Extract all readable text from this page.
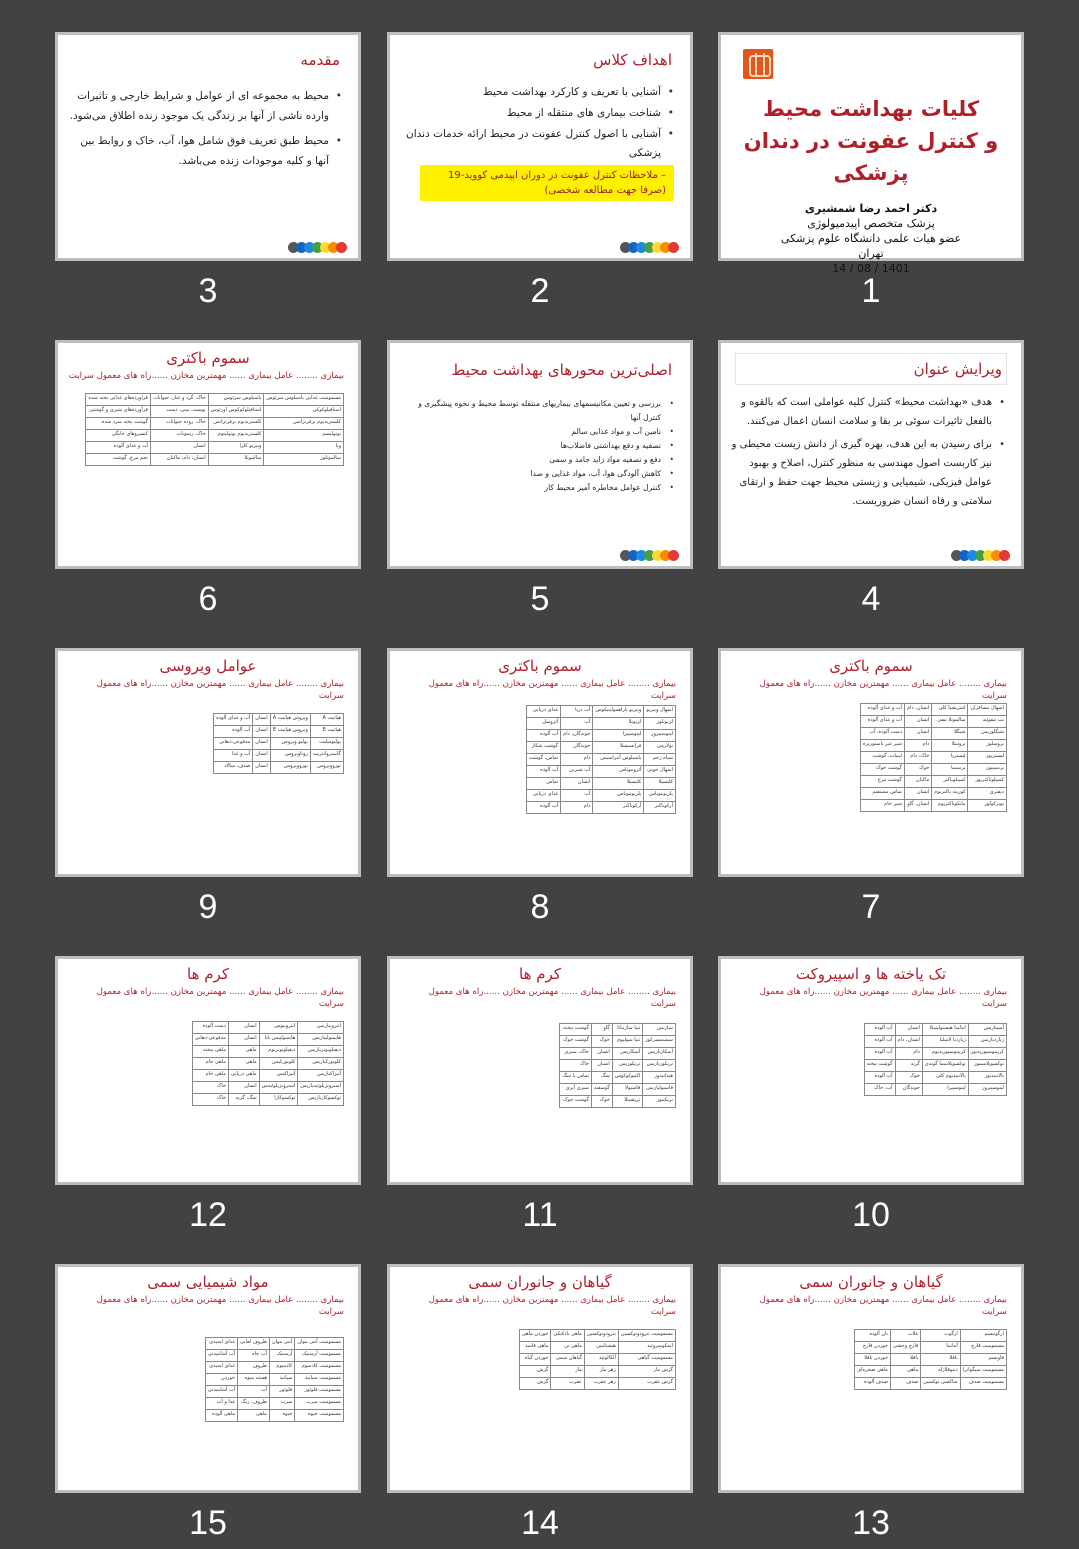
مقدمه
• محیط به مجموعه ای از عوامل و شرایط خارجی و تاثیرات وارده ناشی از آنها بر زندگی یک موجود زنده اطلاق می‌شود.
• محیط طبق تعریف فوق شامل هوا، آب، خاک و روابط بین آنها و کلیه موجودات زنده می‌باشد.
3
اهداف کلاس
• آشنایی با تعریف و کارکرد بهداشت محیط
• شناخت بیماری های منتقله از محیط
• آشنایی با اصول کنترل عفونت در محیط ارائه خدمات دندان پزشکی
– ملاحظات کنترل عفونت در دوران اپیدمی کووید-19 (صرفا جهت مطالعه شخصی)
2
کلیات بهداشت محیط
و کنترل عفونت در دندان پزشکی
دکتر احمد رضا شمشیری
پزشک متخصص اپیدمیولوژی
عضو هیات علمی دانشگاه علوم پزشکی
تهران
1401 / 08 / 14
1
سموم باکتری
بیماری ........ عامل بیماری ...... مهمترین مخازن ......راه های معمول سرایت
مسمومیت غذایی باسیلوس سرئوس	باسیلوس سرئوس	خاک، گرد و غبار، حیوانات	فراورده‌های غذایی پخته شده
استافیلوکوکی	استافیلوکوکوس اورئوس	پوست، بینی، دست	فرآورده‌های شیری و گوشتی
کلستریدیوم پرفرنژانس	کلستریدیوم پرفرنژانس	خاک، روده حیوانات	گوشت پخته سرد شده
بوتولیسم	کلستریدیوم بوتولینوم	خاک، رسوبات	کنسروهای خانگی
وبا	ویبریو کلرا	انسان	آب و غذای آلوده
سالمونلوز	سالمونلا	انسان، دام، ماکیان	تخم مرغ، گوشت
6
اصلی‌ترین محورهای بهداشت محیط
• بررسی و تعیین مکانیسمهای بیماریهای منتقله توسط محیط و نحوه پیشگیری و کنترل آنها
• تامین آب و مواد غذایی سالم
• تصفیه و دفع بهداشتی فاضلاب‌ها
• دفع و تصفیه مواد زاید جامد و سمی
• کاهش آلودگی هوا، آب، مواد غذایی و صدا
• کنترل عوامل مخاطره آمیز محیط کار
5
ویرایش عنوان
• هدف «بهداشت محیط» کنترل کلیه عواملی است که بالقوه و بالفعل تاثیرات سوئی بر بقا و سلامت انسان اعمال می‌کنند.
• برای رسیدن به این هدف، بهره گیری از دانش زیست محیطی و نیز کاربست اصول مهندسی به منظور کنترل، اصلاح و بهبود عوامل فیزیکی، شیمیایی و زیستی محیط جهت حفظ و ارتقای سلامتی و رفاه انسان ضروریست.
4
عوامل ویروسی
بیماری ........ عامل بیماری ...... مهمترین مخازن ......راه های معمول سرایت
هپاتیت A	ویروس هپاتیت A	انسان	آب و غذای آلوده
هپاتیت E	ویروس هپاتیت E	انسان	آب آلوده
پولیومیلیت	پولیو ویروس	انسان	مدفوعی-دهانی
گاستروانتریت	روتاویروس	انسان	آب و غذا
نوروویروس	نوروویروس	انسان	صدف، سالاد
9
سموم باکتری
بیماری ........ عامل بیماری ...... مهمترین مخازن ......راه های معمول سرایت
اسهال ویبریو	ویبریو پاراهمولیتیکوس	آب دریا	غذای دریایی
لژیونلوز	لژیونلا	آب	آئروسل
لپتوسپیروز	لپتوسپیرا	جوندگان، دام	آب آلوده
تولارمی	فرانسیسلا	جوندگان	گوشت شکار
سیاه زخم	باسیلوس آنتراسیس	دام	تماس، گوشت
اسهال خونی	آئروموناس	آب شیرین	آب آلوده
کلبسیلا	کلبسیلا	انسان	تماس
پلزیوموناس	پلزیوموناس	آب	غذای دریایی
آرکوباکتر	آرکوباکتر	دام	آب آلوده
8
سموم باکتری
بیماری ........ عامل بیماری ...... مهمترین مخازن ......راه های معمول سرایت
اسهال مسافران	اشریشیا کلی	انسان، دام	آب و غذای آلوده
تب تیفوئید	سالمونلا تیفی	انسان	آب و غذای آلوده
شیگلوزیس	شیگلا	انسان	دست آلوده، آب
بروسلوز	بروسلا	دام	شیر غیر پاستوریزه
لیستریوز	لیستریا	خاک، دام	لبنیات، گوشت
یرسینیوز	یرسینیا	خوک	گوشت خوک
کمپیلوباکتریوز	کمپیلوباکتر	ماکیان	گوشت مرغ
دیفتری	کورینه باکتریوم	انسان	تماس مستقیم
توبرکولوز	مایکوباکتریوم	انسان، گاو	شیر خام
7
کرم ها
بیماری ........ عامل بیماری ...... مهمترین مخازن ......راه های معمول سرایت
انتروبیازیس	انتروبیوس	انسان	دست آلوده
هایمنولپیازیس	هایمنولپیس نانا	انسان	مدفوعی-دهانی
دیفیلوبوتریازیس	دیفیلوبوتریوم	ماهی	ماهی نپخته
کلونورکیازیس	کلونورکیس	ماهی	ماهی خام
آنیزاکیازیس	آنیزاکیس	ماهی دریایی	ماهی خام
استرونژیلوئیدیازیس	استرونژیلوئیدس	انسان	خاک
توکسوکاریازیس	توکسوکارا	سگ، گربه	خاک
12
کرم ها
بیماری ........ عامل بیماری ...... مهمترین مخازن ......راه های معمول سرایت
تنیازیس	تنیا ساژیناتا	گاو	گوشت نپخته
سیستیسرکوز	تنیا سولیوم	خوک	گوشت خوک
آسکاریازیس	آسکاریس	انسان	خاک، سبزی
تریکوریازیس	تریکوریس	انسان	خاک
هیداتیدوز	اکینوکوکوس	سگ	تماس با سگ
فاسیولیازیس	فاسیولا	گوسفند	سبزی آبزی
تریکینوز	تریشینلا	خوک	گوشت خوک
11
تک یاخته ها و اسپیروکت
بیماری ........ عامل بیماری ...... مهمترین مخازن ......راه های معمول سرایت
آمیبیازیس	انتامبا هیستولیتیکا	انسان	آب آلوده
ژیاردیازیس	ژیاردیا لامبلیا	انسان، دام	آب آلوده
کریپتوسپوریدیوز	کریپتوسپوریدیوم	دام	آب آلوده
توکسوپلاسموز	توکسوپلاسما گوندی	گربه	گوشت نپخته
بالانتیدیوز	بالانتیدیوم کلی	خوک	آب آلوده
لپتوسپیروز	لپتوسپیرا	جوندگان	آب، خاک
10
مواد شیمیایی سمی
بیماری ........ عامل بیماری ...... مهمترین مخازن ......راه های معمول سرایت
مسمومیت آنتی موان	آنتی موان	ظروف لعابی	غذای اسیدی
مسمومیت آرسنیک	آرسنیک	آب چاه	آب آشامیدنی
مسمومیت کادمیوم	کادمیوم	ظروف	غذای اسیدی
مسمومیت سیانید	سیانید	هسته میوه	خوردن
مسمومیت فلوئور	فلوئور	آب	آب آشامیدنی
مسمومیت سرب	سرب	ظروف، رنگ	غذا و آب
مسمومیت جیوه	جیوه	ماهی	ماهی آلوده
15
گیاهان و جانوران سمی
بیماری ........ عامل بیماری ...... مهمترین مخازن ......راه های معمول سرایت
مسمومیت تترودوتوکسین	تترودوتوکسین	ماهی بادکنکی	خوردن ماهی
اسکومبروئید	هیستامین	ماهی تن	ماهی فاسد
مسمومیت گیاهی	آلکالوئید	گیاهان سمی	خوردن گیاه
گزش مار	زهر مار	مار	گزش
گزش عقرب	زهر عقرب	عقرب	گزش
14
گیاهان و جانوران سمی
بیماری ........ عامل بیماری ...... مهمترین مخازن ......راه های معمول سرایت
ارگوتیسم	ارگوت	غلات	نان آلوده
مسمومیت قارچ	آمانیتا	قارچ وحشی	خوردن قارچ
فاویسم	باقلا	باقلا	خوردن باقلا
مسمومیت سیگواترا	دینوفلاژله	ماهی	ماهی صخره‌ای
مسمومیت صدف	ساکسی توکسین	صدف	صدف آلوده
13
